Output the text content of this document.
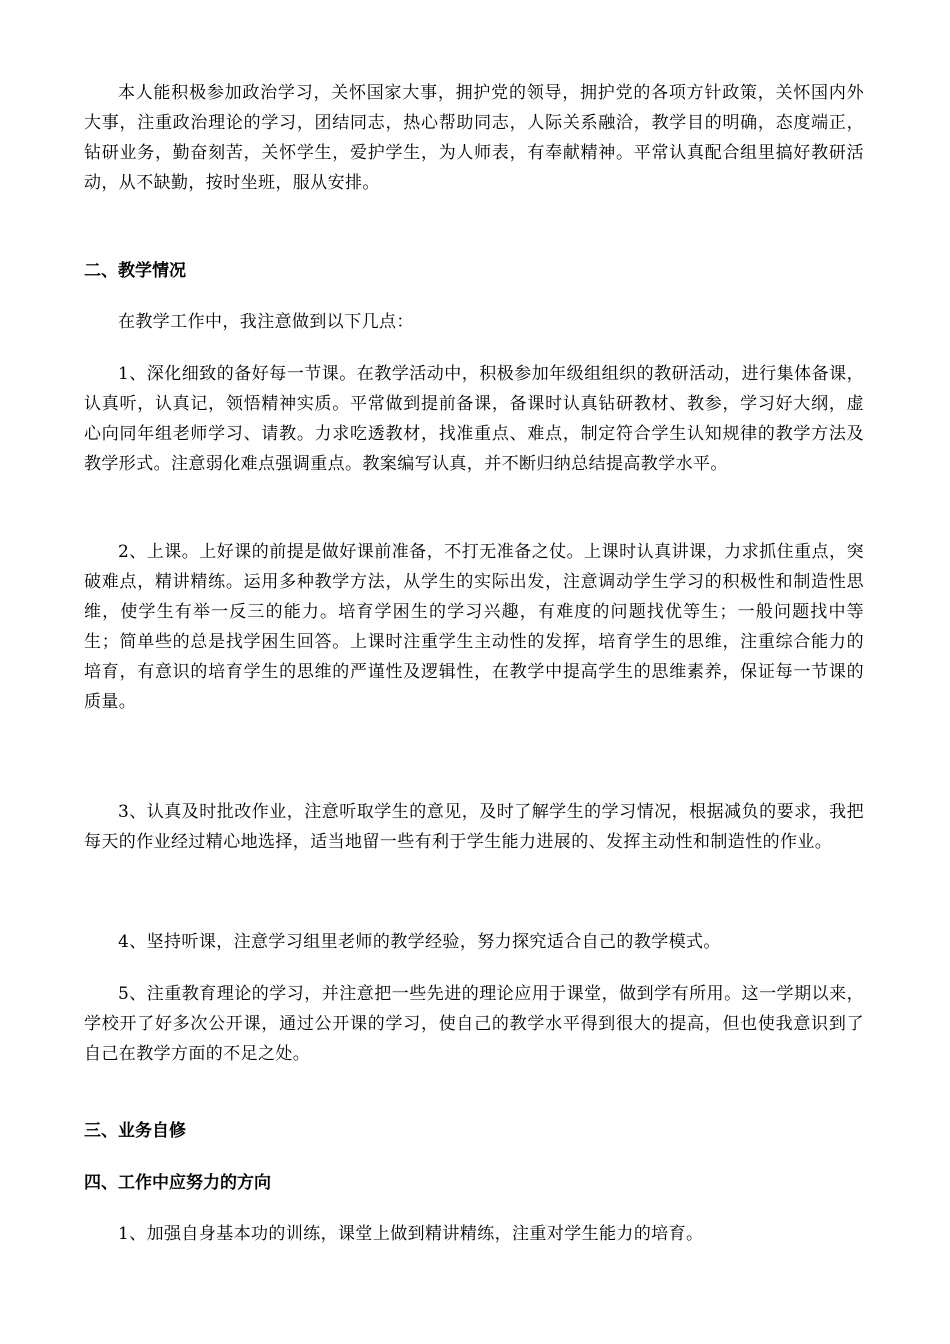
本人能积极参加政治学习，关怀国家大事，拥护党的领导，拥护党的各项方针政策，关怀国内外大事，注重政治理论的学习，团结同志，热心帮助同志，人际关系融洽，教学目的明确，态度端正，钻研业务，勤奋刻苦，关怀学生，爱护学生，为人师表，有奉献精神。平常认真配合组里搞好教研活动，从不缺勤，按时坐班，服从安排。

二、教学情况

在教学工作中，我注意做到以下几点：

1、深化细致的备好每一节课。在教学活动中，积极参加年级组组织的教研活动，进行集体备课，认真听，认真记，领悟精神实质。平常做到提前备课，备课时认真钻研教材、教参，学习好大纲，虚心向同年组老师学习、请教。力求吃透教材，找准重点、难点，制定符合学生认知规律的教学方法及教学形式。注意弱化难点强调重点。教案编写认真，并不断归纳总结提高教学水平。

2、上课。上好课的前提是做好课前准备，不打无准备之仗。上课时认真讲课，力求抓住重点，突破难点，精讲精练。运用多种教学方法，从学生的实际出发，注意调动学生学习的积极性和制造性思维，使学生有举一反三的能力。培育学困生的学习兴趣，有难度的问题找优等生；一般问题找中等生；简单些的总是找学困生回答。上课时注重学生主动性的发挥，培育学生的思维，注重综合能力的培育，有意识的培育学生的思维的严谨性及逻辑性，在教学中提高学生的思维素养，保证每一节课的质量。

3、认真及时批改作业，注意听取学生的意见，及时了解学生的学习情况，根据减负的要求，我把每天的作业经过精心地选择，适当地留一些有利于学生能力进展的、发挥主动性和制造性的作业。

4、坚持听课，注意学习组里老师的教学经验，努力探究适合自己的教学模式。

5、注重教育理论的学习，并注意把一些先进的理论应用于课堂，做到学有所用。这一学期以来，学校开了好多次公开课，通过公开课的学习，使自己的教学水平得到很大的提高，但也使我意识到了自己在教学方面的不足之处。

三、业务自修
四、工作中应努力的方向

1、加强自身基本功的训练，课堂上做到精讲精练，注重对学生能力的培育。
